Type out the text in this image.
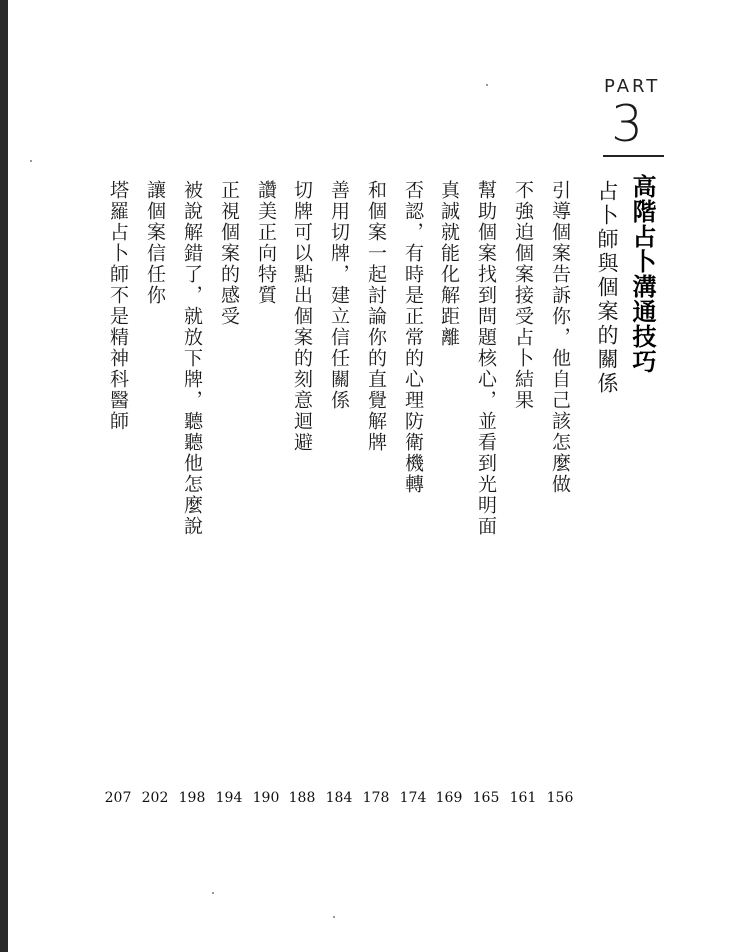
PART
3
高階占卜溝通技巧
占卜師與個案的關係
引導個案告訴你，他自己該怎麼做
不強迫個案接受占卜結果
幫助個案找到問題核心，並看到光明面
真誠就能化解距離
否認，有時是正常的心理防衛機轉
和個案一起討論你的直覺解牌
善用切牌，建立信任關係
切牌可以點出個案的刻意迴避
讚美正向特質
正視個案的感受
被說解錯了，就放下牌，聽聽他怎麼說
讓個案信任你
塔羅占卜師不是精神科醫師
156
161
165
169
174
178
184
188
190
194
198
202
207
